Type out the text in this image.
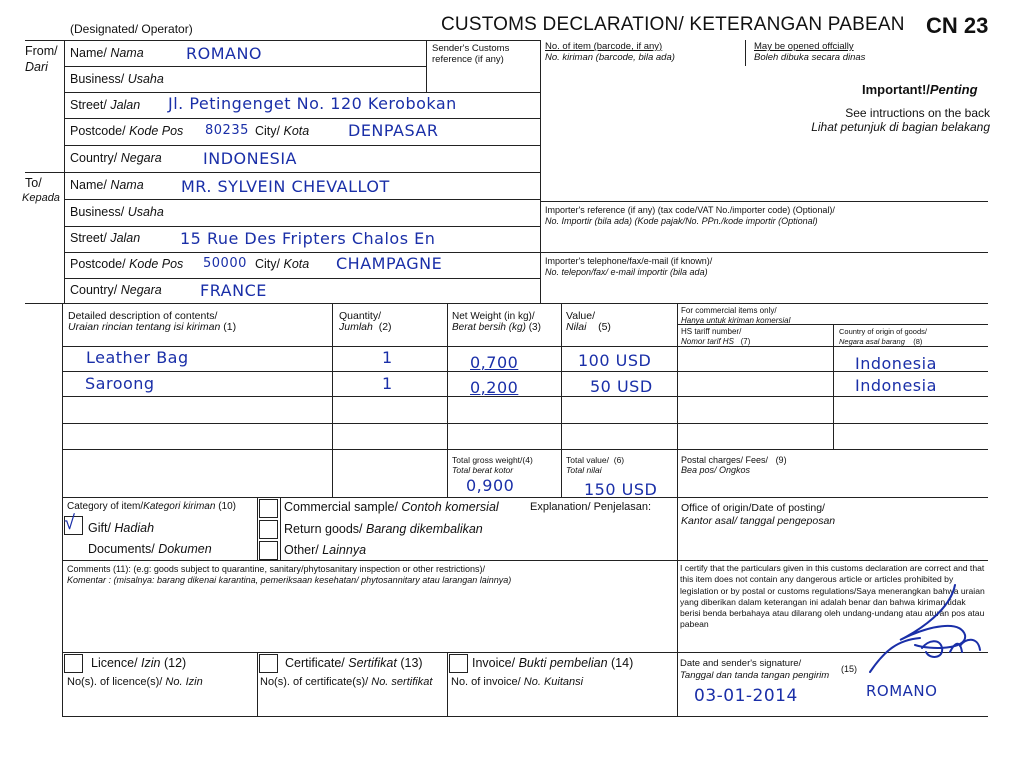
(Designated/ Operator)	CUSTOMS DECLARATION/ KETERANGAN PABEAN CN 23
From/
Dari
Name/ Nama	ROMANO
Business/ Usaha
Street/ Jalan Jl. Petingenget No. 120 Kerobokan
Postcode/ Kode Pos 80235 City/ Kota DENPASAR
Country/ Negara	INDONESIA
Sender's Customs
reference (if any)
No. of item (barcode, if any)
No. kiriman (barcode, bila ada)
May be opened offcially
Boleh dibuka secara dinas
Important!/Penting
See intructions on the back
Lihat petunjuk di bagian belakang
To/
Kepada
Name/ Nama MR. SYLVEIN CHEVALLOT
Business/ Usaha
Street/ Jalan 15 Rue Des Fripters Chalos En
Postcode/ Kode Pos 50000 City/ Kota CHAMPAGNE
Country/ Negara FRANCE
Importer's reference (if any) (tax code/VAT No./importer code) (Optional)/
No. Importir (bila ada) (Kode pajak/No. PPn./kode importir (Optional)
Importer's telephone/fax/e-mail (if known)/
No. telepon/fax/ e-mail importir (bila ada)
Detailed description of contents/
Uraian rincian tentang isi kiriman (1)
Quantity/
Jumlah (2)
Net Weight (in kg)/
Berat bersih (kg) (3)
Value/
Nilai (5)
For commercial items only/
Hanya untuk kiriman komersial
HS tariff number/
Nomor tarif HS (7)
Country of origin of goods/
Negara asal barang (8)
Leather Bag	1	0,700	100 USD	Indonesia
Saroong	1	0,200	50 USD	Indonesia
Total gross weight/(4)
Total berat kotor
0,900
Total value/ (6)
Total nilai
150 USD
Postal charges/ Fees/ (9)
Bea pos/ Ongkos
Category of item/Kategori kiriman (10)
√ Gift/ Hadiah
Documents/ Dokumen
Commercial sample/ Contoh komersial
Return goods/ Barang dikembalikan
Other/ Lainnya
Explanation/ Penjelasan:	Office of origin/Date of posting/
Kantor asal/ tanggal pengeposan
Comments (11): (e.g: goods subject to quarantine, sanitary/phytosanitary inspection or other restrictions)/
Komentar : (misalnya: barang dikenai karantina, pemeriksaan kesehatan/ phytosannitary atau larangan lainnya)
I certify that the particulars given in this customs declaration are correct and that this item does not contain any dangerous article or articles prohibited by legislation or by postal or customs regulations/Saya menerangkan bahwa uraian yang diberikan dalam keterangan ini adalah benar dan bahwa kiriman tidak berisi benda berbahaya atau dilarang oleh undang-undang atau aturan pos atau pabean
Licence/ Izin (12)
No(s). of licence(s)/ No. Izin
Certificate/ Sertifikat (13)
No(s). of certificate(s)/ No. sertifikat
Invoice/ Bukti pembelian (14)
No. of invoice/ No. Kuitansi
Date and sender's signature/
Tanggal dan tanda tangan pengirim
(15)
03-01-2014	ROMANO
